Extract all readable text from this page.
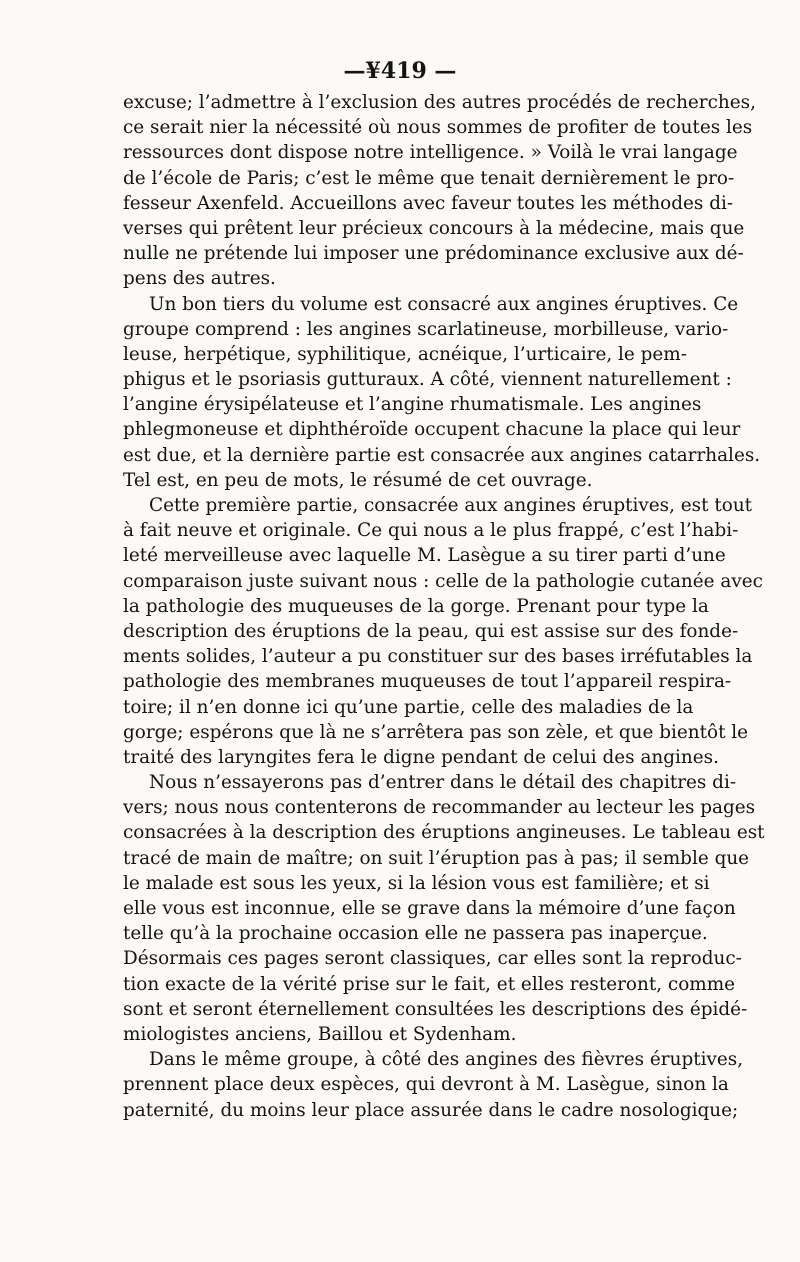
—¥419 —

excuse; l’admettre à l’exclusion des autres procédés de recherches,
ce serait nier la nécessité où nous sommes de profiter de toutes les
ressources dont dispose notre intelligence. » Voilà le vrai langage
de l’école de Paris; c’est le même que tenait dernièrement le pro-
fesseur Axenfeld. Accueillons avec faveur toutes les méthodes di-
verses qui prêtent leur précieux concours à la médecine, mais que
nulle ne prétende lui imposer une prédominance exclusive aux dé-
pens des autres.

Un bon tiers du volume est consacré aux angines éruptives. Ce
groupe comprend : les angines scarlatineuse, morbilleuse, vario-
leuse, herpétique, syphilitique, acnéique, l’urticaire, le pem-
phigus et le psoriasis gutturaux. A côté, viennent naturellement :
l’angine érysipélateuse et l’angine rhumatismale. Les angines
phlegmoneuse et diphthéroïde occupent chacune la place qui leur
est due, et la dernière partie est consacrée aux angines catarrhales.
Tel est, en peu de mots, le résumé de cet ouvrage.

Cette première partie, consacrée aux angines éruptives, est tout
à fait neuve et originale. Ce qui nous a le plus frappé, c’est l’habi-
leté merveilleuse avec laquelle M. Lasègue a su tirer parti d’une
comparaison juste suivant nous : celle de la pathologie cutanée avec
la pathologie des muqueuses de la gorge. Prenant pour type la
description des éruptions de la peau, qui est assise sur des fonde-
ments solides, l’auteur a pu constituer sur des bases irréfutables la
pathologie des membranes muqueuses de tout l’appareil respira-
toire; il n’en donne ici qu’une partie, celle des maladies de la
gorge; espérons que là ne s’arrêtera pas son zèle, et que bientôt le
traité des laryngites fera le digne pendant de celui des angines.

Nous n’essayerons pas d’entrer dans le détail des chapitres di-
vers; nous nous contenterons de recommander au lecteur les pages
consacrées à la description des éruptions angineuses. Le tableau est
tracé de main de maître; on suit l’éruption pas à pas; il semble que
le malade est sous les yeux, si la lésion vous est familière; et si
elle vous est inconnue, elle se grave dans la mémoire d’une façon
telle qu’à la prochaine occasion elle ne passera pas inaperçue.
Désormais ces pages seront classiques, car elles sont la reproduc-
tion exacte de la vérité prise sur le fait, et elles resteront, comme
sont et seront éternellement consultées les descriptions des épidé-
miologistes anciens, Baillou et Sydenham.

Dans le même groupe, à côté des angines des fièvres éruptives,
prennent place deux espèces, qui devront à M. Lasègue, sinon la
paternité, du moins leur place assurée dans le cadre nosologique;
